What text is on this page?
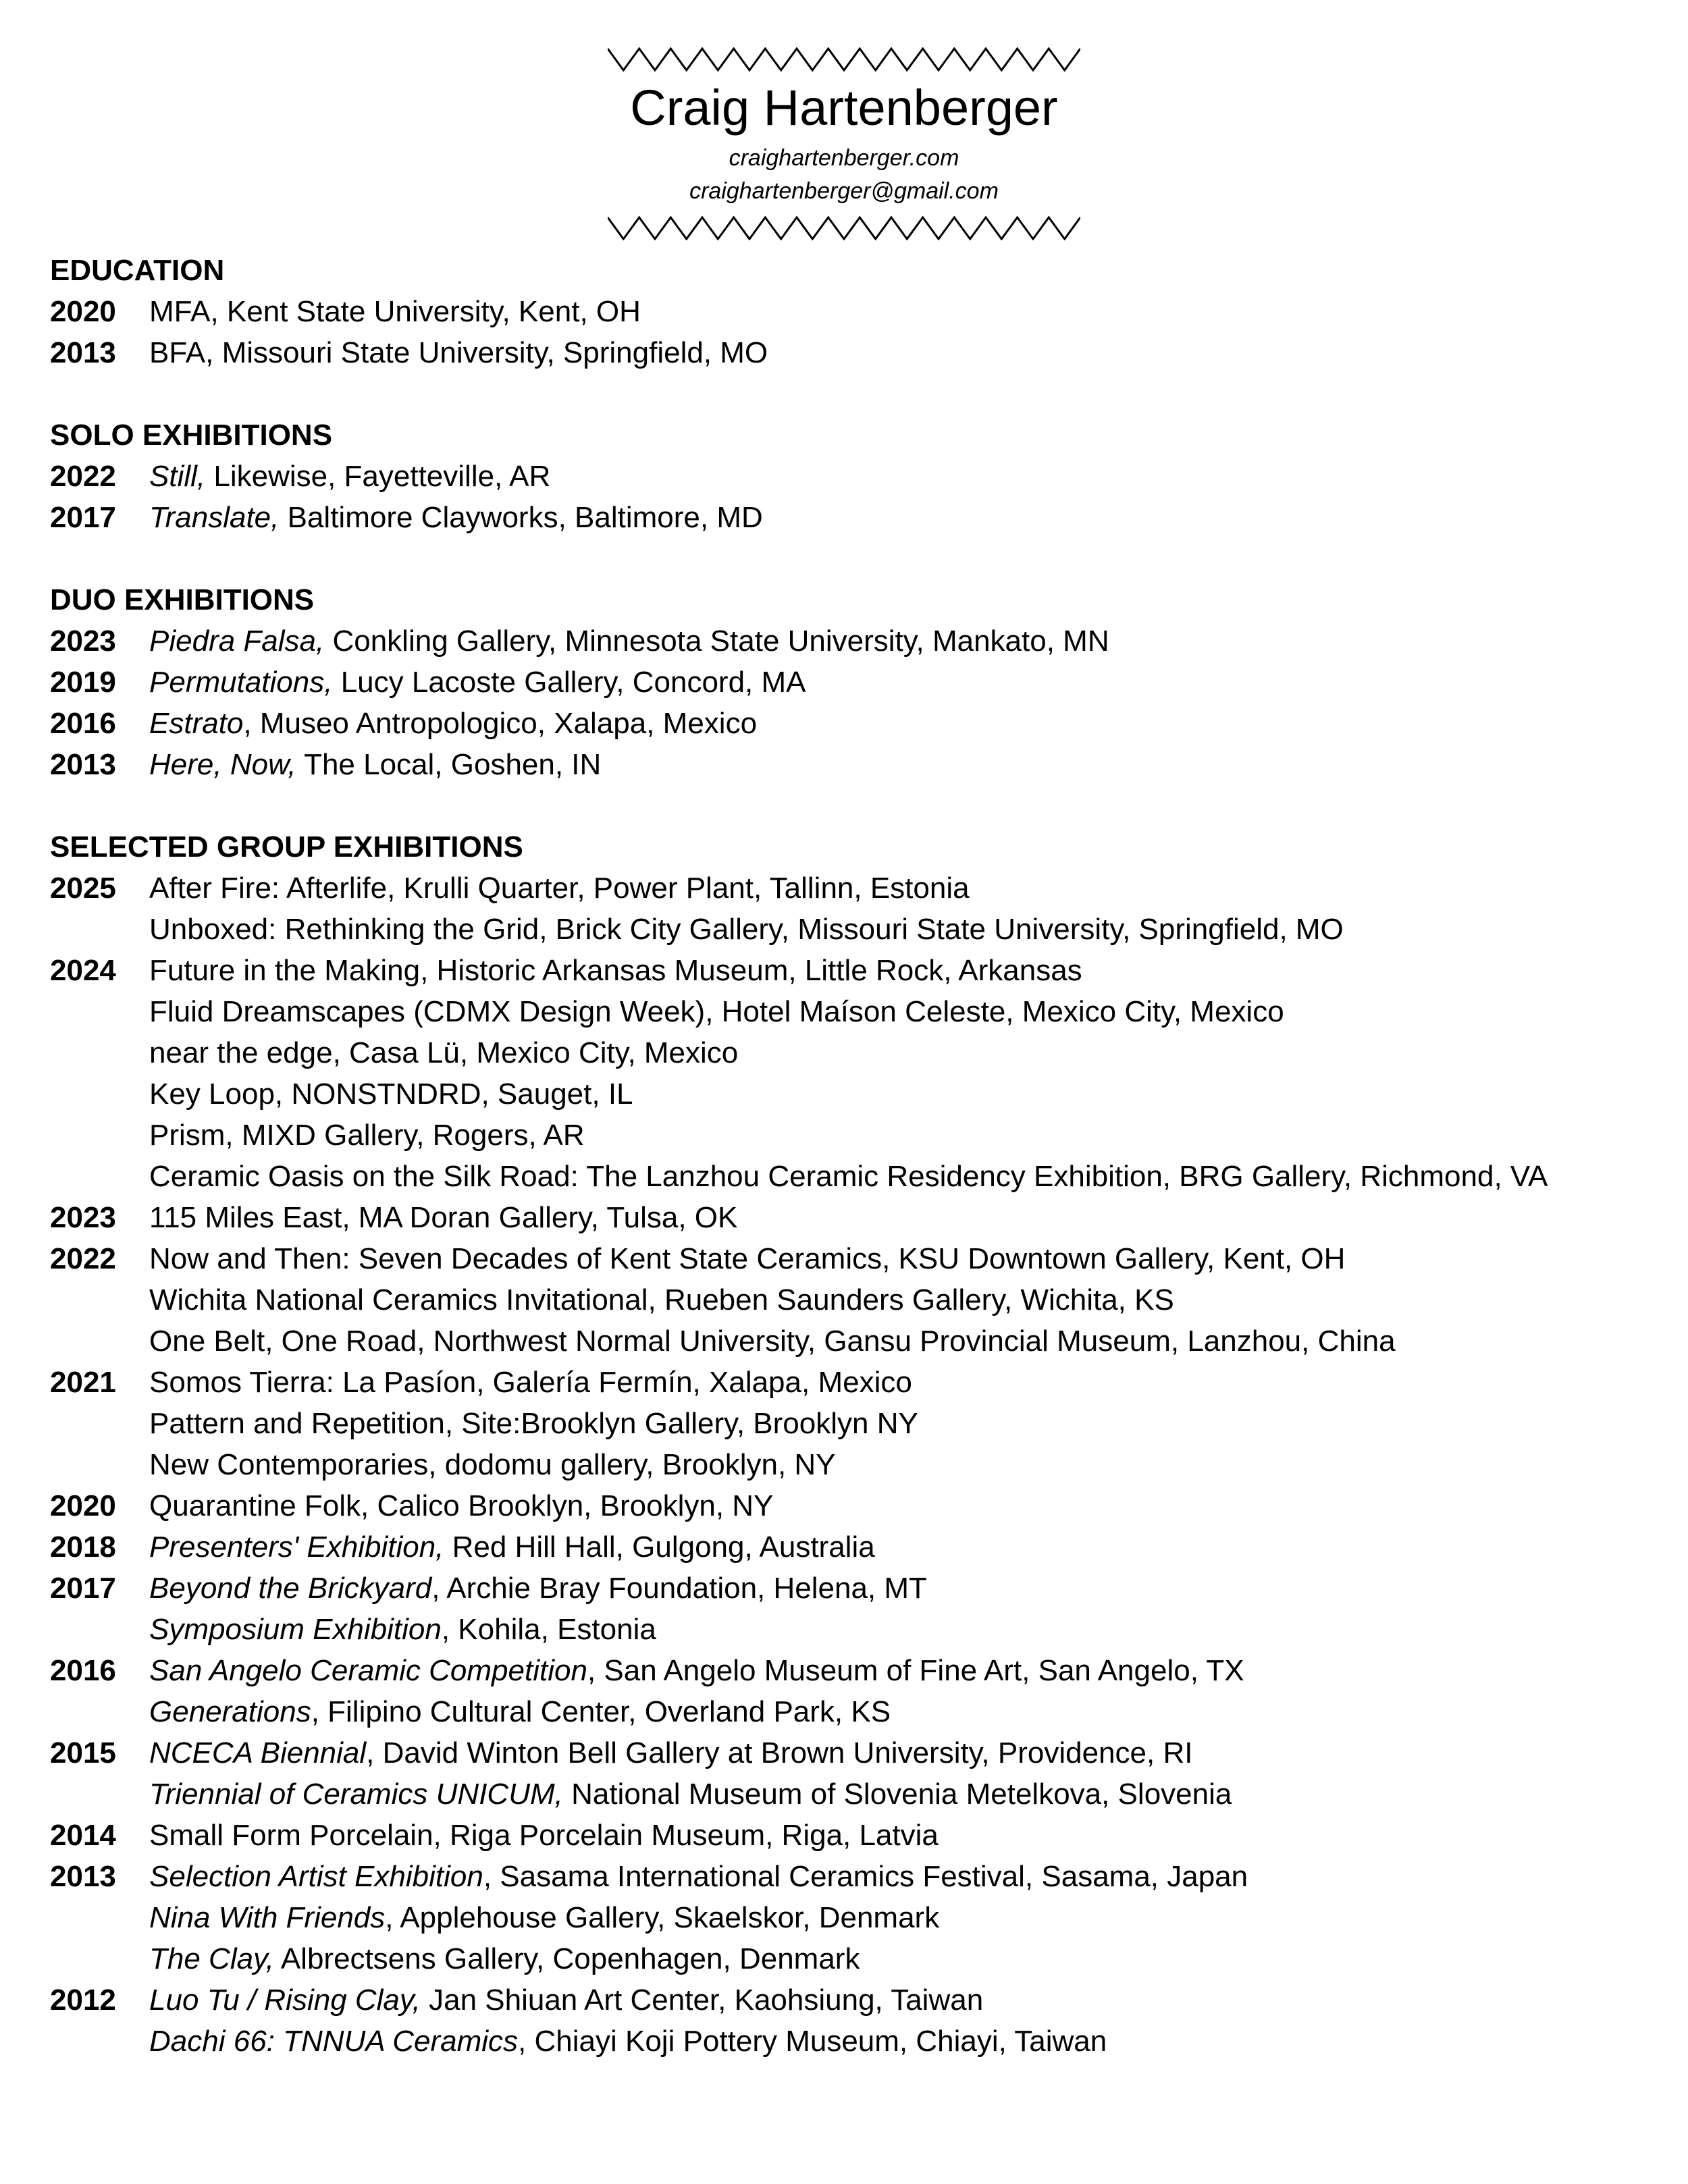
Craig Hartenberger
craighartenberger.com
craighartenberger@gmail.com
EDUCATION
2020	MFA, Kent State University, Kent, OH
2013	BFA, Missouri State University, Springfield, MO
SOLO EXHIBITIONS
2022	Still, Likewise, Fayetteville, AR
2017	Translate, Baltimore Clayworks, Baltimore, MD
DUO EXHIBITIONS
2023	Piedra Falsa, Conkling Gallery, Minnesota State University, Mankato, MN
2019	Permutations, Lucy Lacoste Gallery, Concord, MA
2016	Estrato, Museo Antropologico, Xalapa, Mexico
2013	Here, Now, The Local, Goshen, IN
SELECTED GROUP EXHIBITIONS
2025	After Fire: Afterlife, Krulli Quarter, Power Plant, Tallinn, Estonia
Unboxed: Rethinking the Grid, Brick City Gallery, Missouri State University, Springfield, MO
2024	Future in the Making, Historic Arkansas Museum, Little Rock, Arkansas
Fluid Dreamscapes (CDMX Design Week), Hotel Maíson Celeste, Mexico City, Mexico
near the edge, Casa Lü, Mexico City, Mexico
Key Loop, NONSTNDRD, Sauget, IL
Prism, MIXD Gallery, Rogers, AR
Ceramic Oasis on the Silk Road: The Lanzhou Ceramic Residency Exhibition, BRG Gallery, Richmond, VA
2023	115 Miles East, MA Doran Gallery, Tulsa, OK
2022	Now and Then: Seven Decades of Kent State Ceramics, KSU Downtown Gallery, Kent, OH
Wichita National Ceramics Invitational, Rueben Saunders Gallery, Wichita, KS
One Belt, One Road, Northwest Normal University, Gansu Provincial Museum, Lanzhou, China
2021	Somos Tierra: La Pasíon, Galería Fermín, Xalapa, Mexico
Pattern and Repetition, Site:Brooklyn Gallery, Brooklyn NY
New Contemporaries, dodomu gallery, Brooklyn, NY
2020	Quarantine Folk, Calico Brooklyn, Brooklyn, NY
2018	Presenters' Exhibition, Red Hill Hall, Gulgong, Australia
2017	Beyond the Brickyard, Archie Bray Foundation, Helena, MT
Symposium Exhibition, Kohila, Estonia
2016	San Angelo Ceramic Competition, San Angelo Museum of Fine Art, San Angelo, TX
Generations, Filipino Cultural Center, Overland Park, KS
2015	NCECA Biennial, David Winton Bell Gallery at Brown University, Providence, RI
Triennial of Ceramics UNICUM, National Museum of Slovenia Metelkova, Slovenia
2014	Small Form Porcelain, Riga Porcelain Museum, Riga, Latvia
2013	Selection Artist Exhibition, Sasama International Ceramics Festival, Sasama, Japan
Nina With Friends, Applehouse Gallery, Skaelskor, Denmark
The Clay, Albrectsens Gallery, Copenhagen, Denmark
2012	Luo Tu / Rising Clay, Jan Shiuan Art Center, Kaohsiung, Taiwan
Dachi 66: TNNUA Ceramics, Chiayi Koji Pottery Museum, Chiayi, Taiwan
